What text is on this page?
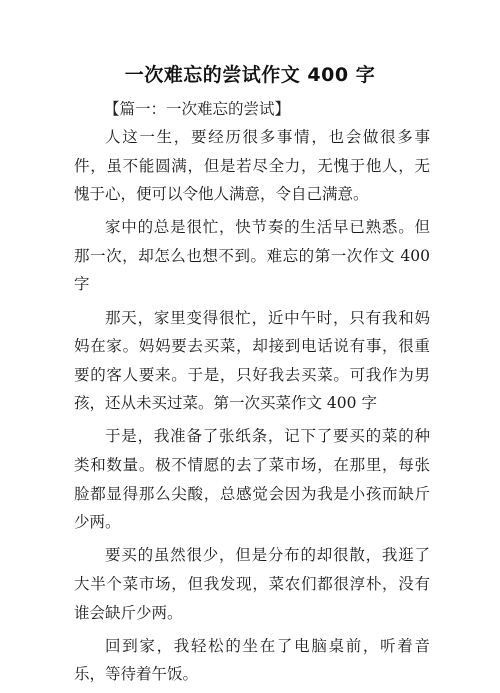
一次难忘的尝试作文 400 字
【篇一：一次难忘的尝试】

人这一生，要经历很多事情，也会做很多事件，虽不能圆满，但是若尽全力，无愧于他人，无愧于心，便可以令他人满意，令自己满意。

家中的总是很忙，快节奏的生活早已熟悉。但那一次，却怎么也想不到。难忘的第一次作文 400 字

那天，家里变得很忙，近中午时，只有我和妈妈在家。妈妈要去买菜，却接到电话说有事，很重要的客人要来。于是，只好我去买菜。可我作为男孩，还从未买过菜。第一次买菜作文 400 字

于是，我准备了张纸条，记下了要买的菜的种类和数量。极不情愿的去了菜市场，在那里，每张脸都显得那么尖酸，总感觉会因为我是小孩而缺斤少两。

要买的虽然很少，但是分布的却很散，我逛了大半个菜市场，但我发现，菜农们都很淳朴，没有谁会缺斤少两。

回到家，我轻松的坐在了电脑桌前，听着音乐，等待着午饭。
